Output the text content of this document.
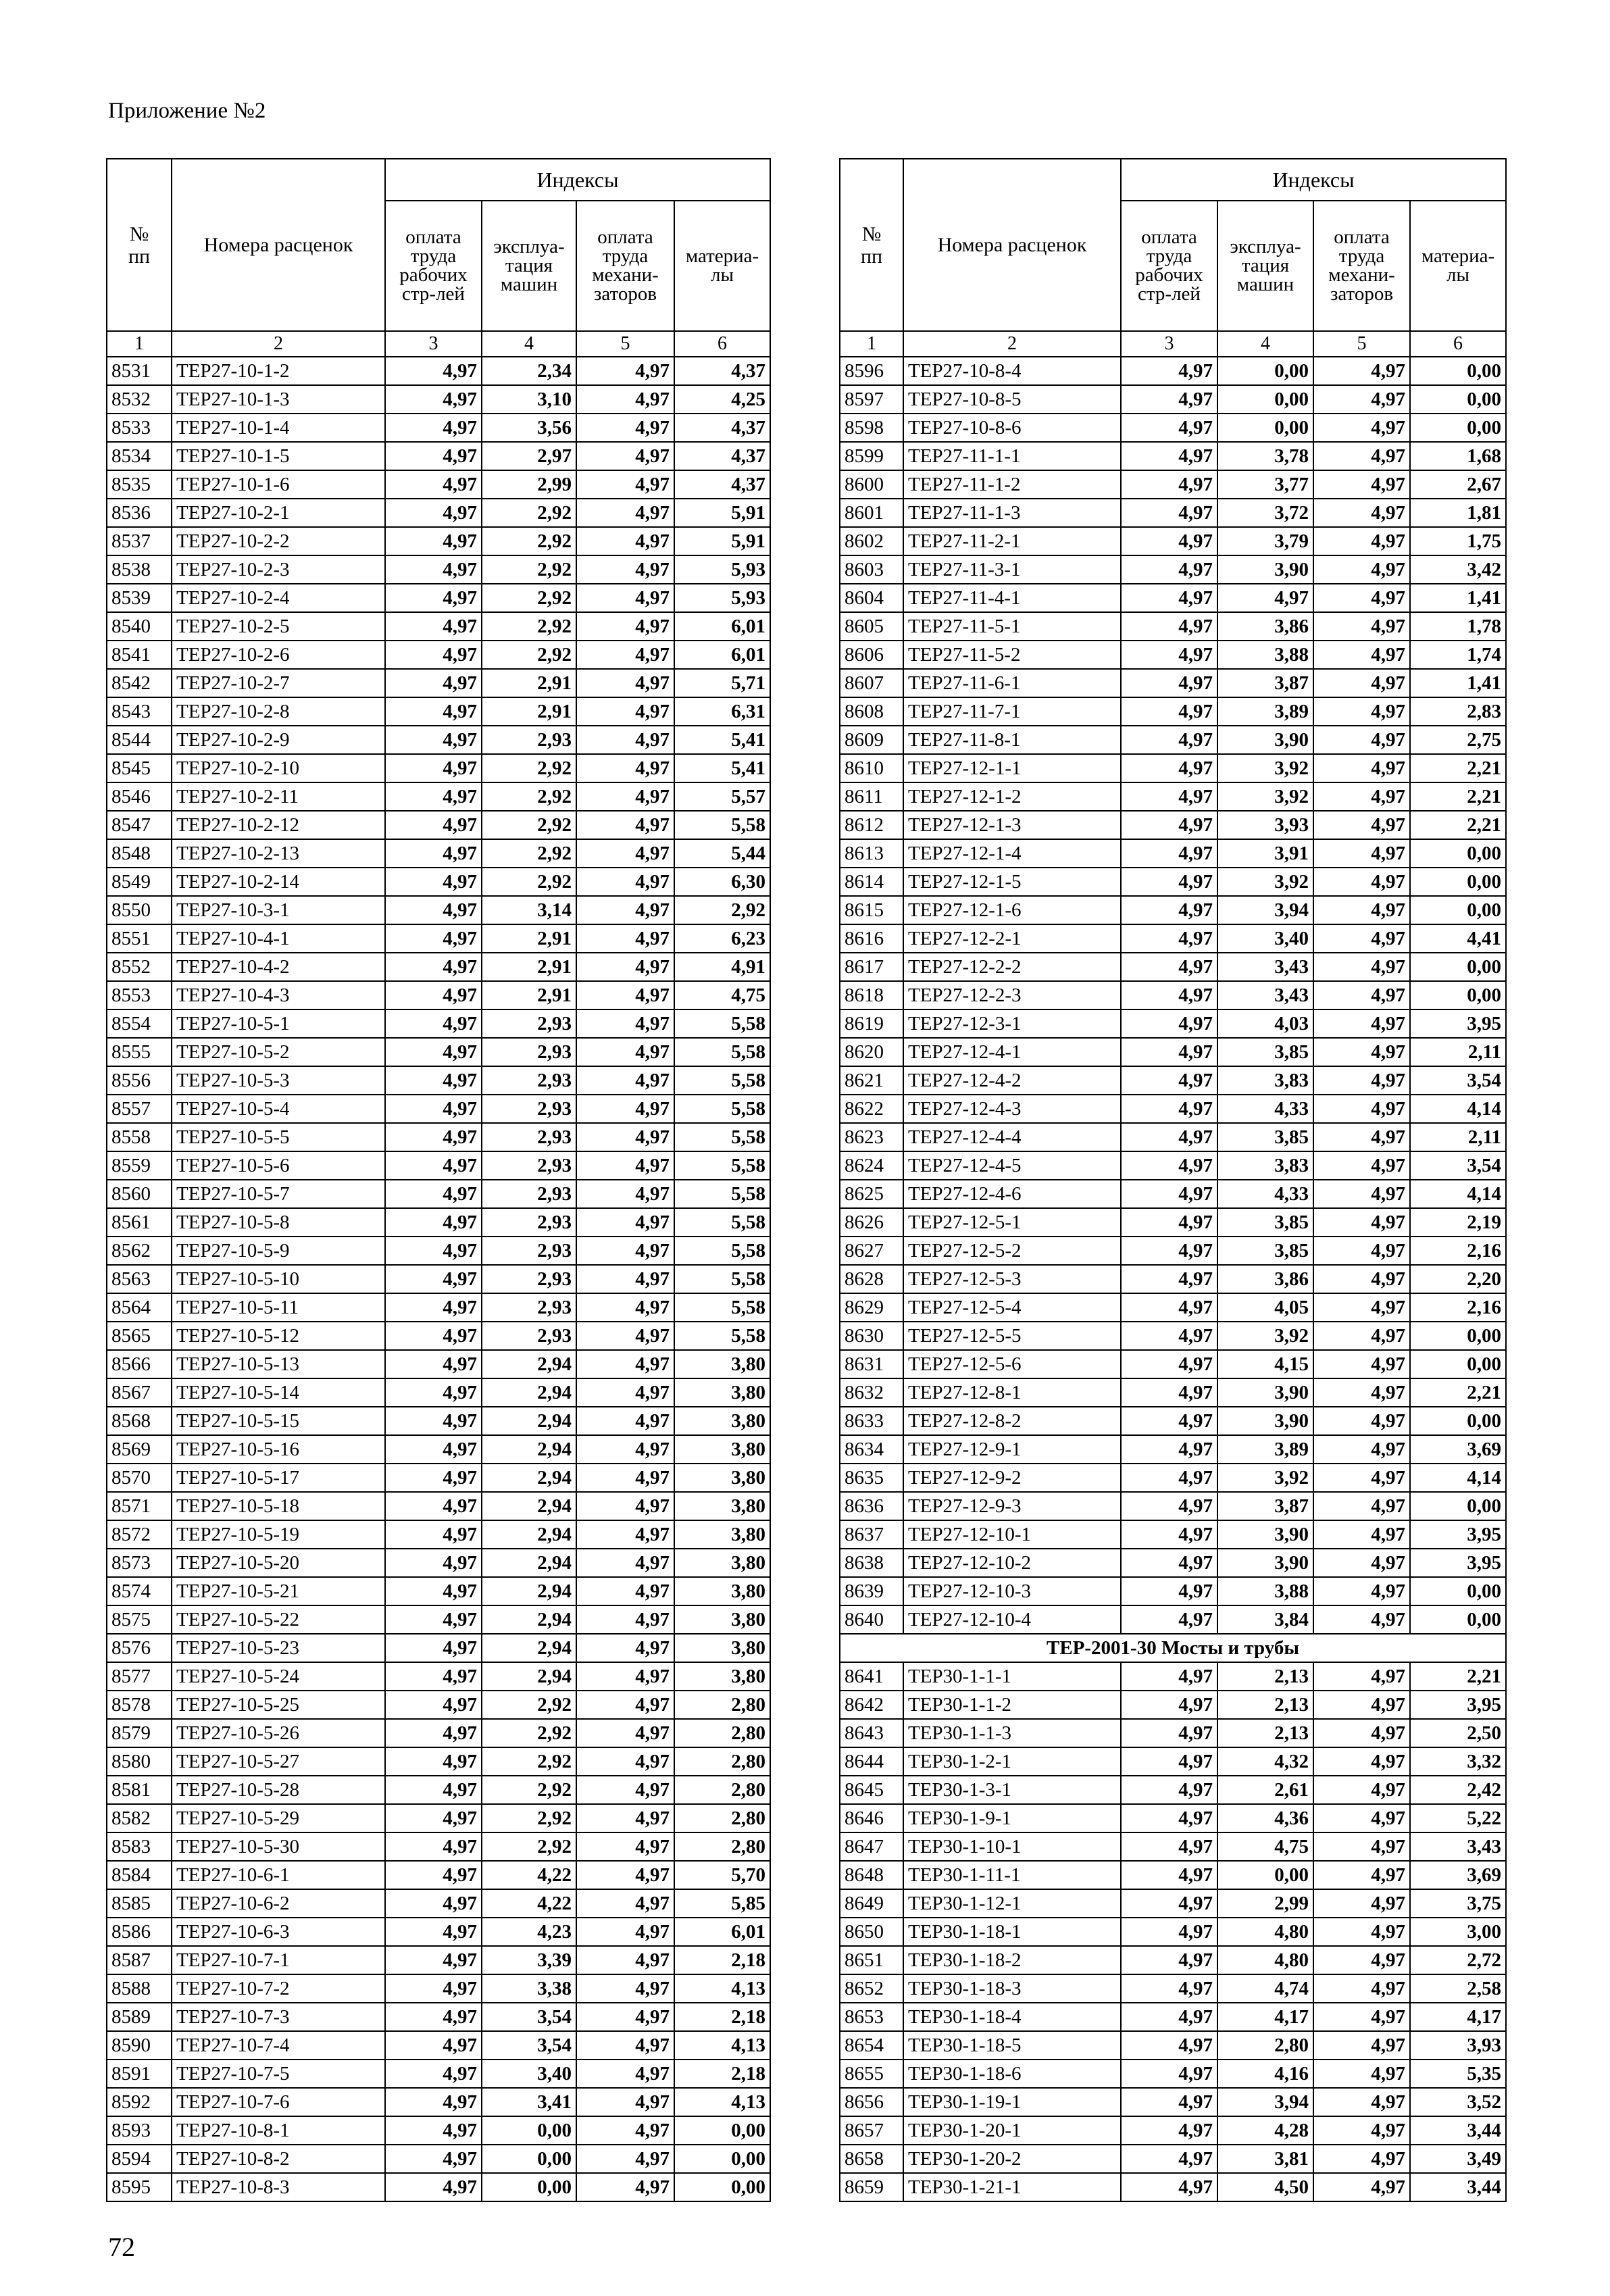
Приложение №2
№
пп	Номера расценок	Индексы			
		оплата труда рабочих стр-лей	эксплуа-тация машин	оплата труда механи-заторов	материа-лы
1	2	3	4	5	6
8531	ТЕР27-10-1-2	4,97	2,34	4,97	4,37
8532	ТЕР27-10-1-3	4,97	3,10	4,97	4,25
8533	ТЕР27-10-1-4	4,97	3,56	4,97	4,37
8534	ТЕР27-10-1-5	4,97	2,97	4,97	4,37
8535	ТЕР27-10-1-6	4,97	2,99	4,97	4,37
8536	ТЕР27-10-2-1	4,97	2,92	4,97	5,91
8537	ТЕР27-10-2-2	4,97	2,92	4,97	5,91
8538	ТЕР27-10-2-3	4,97	2,92	4,97	5,93
8539	ТЕР27-10-2-4	4,97	2,92	4,97	5,93
8540	ТЕР27-10-2-5	4,97	2,92	4,97	6,01
8541	ТЕР27-10-2-6	4,97	2,92	4,97	6,01
8542	ТЕР27-10-2-7	4,97	2,91	4,97	5,71
8543	ТЕР27-10-2-8	4,97	2,91	4,97	6,31
8544	ТЕР27-10-2-9	4,97	2,93	4,97	5,41
8545	ТЕР27-10-2-10	4,97	2,92	4,97	5,41
8546	ТЕР27-10-2-11	4,97	2,92	4,97	5,57
8547	ТЕР27-10-2-12	4,97	2,92	4,97	5,58
8548	ТЕР27-10-2-13	4,97	2,92	4,97	5,44
8549	ТЕР27-10-2-14	4,97	2,92	4,97	6,30
8550	ТЕР27-10-3-1	4,97	3,14	4,97	2,92
8551	ТЕР27-10-4-1	4,97	2,91	4,97	6,23
8552	ТЕР27-10-4-2	4,97	2,91	4,97	4,91
8553	ТЕР27-10-4-3	4,97	2,91	4,97	4,75
8554	ТЕР27-10-5-1	4,97	2,93	4,97	5,58
8555	ТЕР27-10-5-2	4,97	2,93	4,97	5,58
8556	ТЕР27-10-5-3	4,97	2,93	4,97	5,58
8557	ТЕР27-10-5-4	4,97	2,93	4,97	5,58
8558	ТЕР27-10-5-5	4,97	2,93	4,97	5,58
8559	ТЕР27-10-5-6	4,97	2,93	4,97	5,58
8560	ТЕР27-10-5-7	4,97	2,93	4,97	5,58
8561	ТЕР27-10-5-8	4,97	2,93	4,97	5,58
8562	ТЕР27-10-5-9	4,97	2,93	4,97	5,58
8563	ТЕР27-10-5-10	4,97	2,93	4,97	5,58
8564	ТЕР27-10-5-11	4,97	2,93	4,97	5,58
8565	ТЕР27-10-5-12	4,97	2,93	4,97	5,58
8566	ТЕР27-10-5-13	4,97	2,94	4,97	3,80
8567	ТЕР27-10-5-14	4,97	2,94	4,97	3,80
8568	ТЕР27-10-5-15	4,97	2,94	4,97	3,80
8569	ТЕР27-10-5-16	4,97	2,94	4,97	3,80
8570	ТЕР27-10-5-17	4,97	2,94	4,97	3,80
8571	ТЕР27-10-5-18	4,97	2,94	4,97	3,80
8572	ТЕР27-10-5-19	4,97	2,94	4,97	3,80
8573	ТЕР27-10-5-20	4,97	2,94	4,97	3,80
8574	ТЕР27-10-5-21	4,97	2,94	4,97	3,80
8575	ТЕР27-10-5-22	4,97	2,94	4,97	3,80
8576	ТЕР27-10-5-23	4,97	2,94	4,97	3,80
8577	ТЕР27-10-5-24	4,97	2,94	4,97	3,80
8578	ТЕР27-10-5-25	4,97	2,92	4,97	2,80
8579	ТЕР27-10-5-26	4,97	2,92	4,97	2,80
8580	ТЕР27-10-5-27	4,97	2,92	4,97	2,80
8581	ТЕР27-10-5-28	4,97	2,92	4,97	2,80
8582	ТЕР27-10-5-29	4,97	2,92	4,97	2,80
8583	ТЕР27-10-5-30	4,97	2,92	4,97	2,80
8584	ТЕР27-10-6-1	4,97	4,22	4,97	5,70
8585	ТЕР27-10-6-2	4,97	4,22	4,97	5,85
8586	ТЕР27-10-6-3	4,97	4,23	4,97	6,01
8587	ТЕР27-10-7-1	4,97	3,39	4,97	2,18
8588	ТЕР27-10-7-2	4,97	3,38	4,97	4,13
8589	ТЕР27-10-7-3	4,97	3,54	4,97	2,18
8590	ТЕР27-10-7-4	4,97	3,54	4,97	4,13
8591	ТЕР27-10-7-5	4,97	3,40	4,97	2,18
8592	ТЕР27-10-7-6	4,97	3,41	4,97	4,13
8593	ТЕР27-10-8-1	4,97	0,00	4,97	0,00
8594	ТЕР27-10-8-2	4,97	0,00	4,97	0,00
8595	ТЕР27-10-8-3	4,97	0,00	4,97	0,00
№
пп	Номера расценок	Индексы			
		оплата труда рабочих стр-лей	эксплуа-тация машин	оплата труда механи-заторов	материа-лы
1	2	3	4	5	6
8596	ТЕР27-10-8-4	4,97	0,00	4,97	0,00
8597	ТЕР27-10-8-5	4,97	0,00	4,97	0,00
8598	ТЕР27-10-8-6	4,97	0,00	4,97	0,00
8599	ТЕР27-11-1-1	4,97	3,78	4,97	1,68
8600	ТЕР27-11-1-2	4,97	3,77	4,97	2,67
8601	ТЕР27-11-1-3	4,97	3,72	4,97	1,81
8602	ТЕР27-11-2-1	4,97	3,79	4,97	1,75
8603	ТЕР27-11-3-1	4,97	3,90	4,97	3,42
8604	ТЕР27-11-4-1	4,97	4,97	4,97	1,41
8605	ТЕР27-11-5-1	4,97	3,86	4,97	1,78
8606	ТЕР27-11-5-2	4,97	3,88	4,97	1,74
8607	ТЕР27-11-6-1	4,97	3,87	4,97	1,41
8608	ТЕР27-11-7-1	4,97	3,89	4,97	2,83
8609	ТЕР27-11-8-1	4,97	3,90	4,97	2,75
8610	ТЕР27-12-1-1	4,97	3,92	4,97	2,21
8611	ТЕР27-12-1-2	4,97	3,92	4,97	2,21
8612	ТЕР27-12-1-3	4,97	3,93	4,97	2,21
8613	ТЕР27-12-1-4	4,97	3,91	4,97	0,00
8614	ТЕР27-12-1-5	4,97	3,92	4,97	0,00
8615	ТЕР27-12-1-6	4,97	3,94	4,97	0,00
8616	ТЕР27-12-2-1	4,97	3,40	4,97	4,41
8617	ТЕР27-12-2-2	4,97	3,43	4,97	0,00
8618	ТЕР27-12-2-3	4,97	3,43	4,97	0,00
8619	ТЕР27-12-3-1	4,97	4,03	4,97	3,95
8620	ТЕР27-12-4-1	4,97	3,85	4,97	2,11
8621	ТЕР27-12-4-2	4,97	3,83	4,97	3,54
8622	ТЕР27-12-4-3	4,97	4,33	4,97	4,14
8623	ТЕР27-12-4-4	4,97	3,85	4,97	2,11
8624	ТЕР27-12-4-5	4,97	3,83	4,97	3,54
8625	ТЕР27-12-4-6	4,97	4,33	4,97	4,14
8626	ТЕР27-12-5-1	4,97	3,85	4,97	2,19
8627	ТЕР27-12-5-2	4,97	3,85	4,97	2,16
8628	ТЕР27-12-5-3	4,97	3,86	4,97	2,20
8629	ТЕР27-12-5-4	4,97	4,05	4,97	2,16
8630	ТЕР27-12-5-5	4,97	3,92	4,97	0,00
8631	ТЕР27-12-5-6	4,97	4,15	4,97	0,00
8632	ТЕР27-12-8-1	4,97	3,90	4,97	2,21
8633	ТЕР27-12-8-2	4,97	3,90	4,97	0,00
8634	ТЕР27-12-9-1	4,97	3,89	4,97	3,69
8635	ТЕР27-12-9-2	4,97	3,92	4,97	4,14
8636	ТЕР27-12-9-3	4,97	3,87	4,97	0,00
8637	ТЕР27-12-10-1	4,97	3,90	4,97	3,95
8638	ТЕР27-12-10-2	4,97	3,90	4,97	3,95
8639	ТЕР27-12-10-3	4,97	3,88	4,97	0,00
8640	ТЕР27-12-10-4	4,97	3,84	4,97	0,00
ТЕР-2001-30 Мосты и трубы					
8641	ТЕР30-1-1-1	4,97	2,13	4,97	2,21
8642	ТЕР30-1-1-2	4,97	2,13	4,97	3,95
8643	ТЕР30-1-1-3	4,97	2,13	4,97	2,50
8644	ТЕР30-1-2-1	4,97	4,32	4,97	3,32
8645	ТЕР30-1-3-1	4,97	2,61	4,97	2,42
8646	ТЕР30-1-9-1	4,97	4,36	4,97	5,22
8647	ТЕР30-1-10-1	4,97	4,75	4,97	3,43
8648	ТЕР30-1-11-1	4,97	0,00	4,97	3,69
8649	ТЕР30-1-12-1	4,97	2,99	4,97	3,75
8650	ТЕР30-1-18-1	4,97	4,80	4,97	3,00
8651	ТЕР30-1-18-2	4,97	4,80	4,97	2,72
8652	ТЕР30-1-18-3	4,97	4,74	4,97	2,58
8653	ТЕР30-1-18-4	4,97	4,17	4,97	4,17
8654	ТЕР30-1-18-5	4,97	2,80	4,97	3,93
8655	ТЕР30-1-18-6	4,97	4,16	4,97	5,35
8656	ТЕР30-1-19-1	4,97	3,94	4,97	3,52
8657	ТЕР30-1-20-1	4,97	4,28	4,97	3,44
8658	ТЕР30-1-20-2	4,97	3,81	4,97	3,49
8659	ТЕР30-1-21-1	4,97	4,50	4,97	3,44
72
